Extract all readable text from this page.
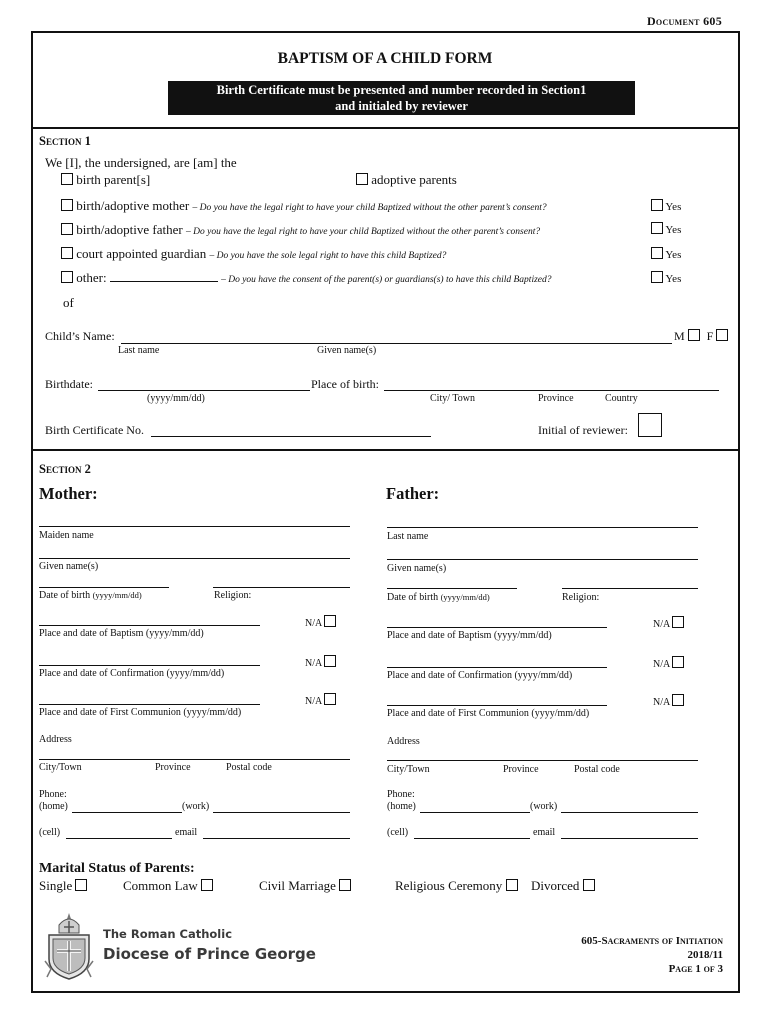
Document 605
BAPTISM OF A CHILD FORM
Birth Certificate must be presented and number recorded in Section1
and initialed by reviewer
Section 1
We [I], the undersigned, are [am] the
birth parent[s]	adoptive parents
birth/adoptive mother – Do you have the legal right to have your child Baptized without the other parent’s consent?	Yes
birth/adoptive father – Do you have the legal right to have your child Baptized without the other parent’s consent?	Yes
court appointed guardian – Do you have the sole legal right to have this child Baptized?	Yes
other:	– Do you have the consent of the parent(s) or guardians(s) to have this child Baptized?	Yes
of
Child’s Name:	M F
Last name	Given name(s)
Birthdate:	Place of birth:
(yyyy/mm/dd)	City/ Town	Province	Country
Birth Certificate No.	Initial of reviewer:
Section 2
Mother:	Father:
Maiden name
Given name(s)
Date of birth (yyyy/mm/dd)	Religion:
N/A
Place and date of Baptism (yyyy/mm/dd)
N/A
Place and date of Confirmation (yyyy/mm/dd)
N/A
Place and date of First Communion (yyyy/mm/dd)
Address
City/Town	Province	Postal code
Phone:
(home)	(work)
(cell)	email
Last name
Given name(s)
Date of birth (yyyy/mm/dd)	Religion:
N/A
Place and date of Baptism (yyyy/mm/dd)
N/A
Place and date of Confirmation (yyyy/mm/dd)
N/A
Place and date of First Communion (yyyy/mm/dd)
Address
City/Town	Province	Postal code
Phone:
(home)	(work)
(cell)	email
Marital Status of Parents:
Single	Common Law	Civil Marriage	Religious Ceremony	Divorced
The Roman Catholic
Diocese of Prince George
605-Sacraments of Initiation
2018/11
Page 1 of 3
